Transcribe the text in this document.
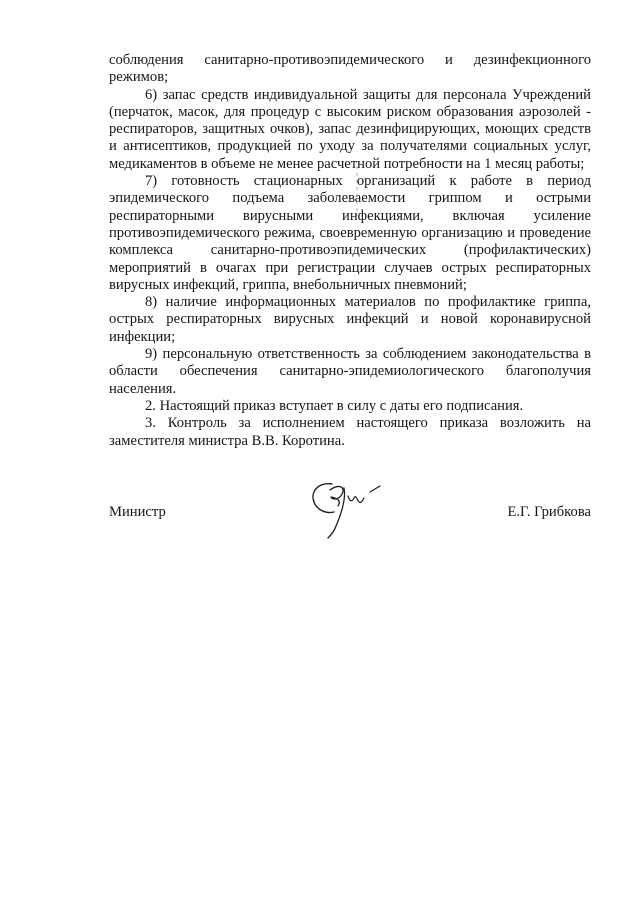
соблюдения санитарно-противоэпидемического и дезинфекционного режимов;

6) запас средств индивидуальной защиты для персонала Учреждений (перчаток, масок, для процедур с высоким риском образования аэрозолей - респираторов, защитных очков), запас дезинфицирующих, моющих средств и антисептиков, продукцией по уходу за получателями социальных услуг, медикаментов в объеме не менее расчетной потребности на 1 месяц работы;

7) готовность стационарных организаций к работе в период эпидемического подъема заболеваемости гриппом и острыми респираторными вирусными инфекциями, включая усиление противоэпидемического режима, своевременную организацию и проведение комплекса санитарно-противоэпидемических (профилактических) мероприятий в очагах при регистрации случаев острых респираторных вирусных инфекций, гриппа, внебольничных пневмоний;

8) наличие информационных материалов по профилактике гриппа, острых респираторных вирусных инфекций и новой коронавирусной инфекции;

9) персональную ответственность за соблюдением законодательства в области обеспечения санитарно-эпидемиологического благополучия населения.

2. Настоящий приказ вступает в силу с даты его подписания.

3. Контроль за исполнением настоящего приказа возложить на заместителя министра В.В. Коротина.

Министр	Е.Г. Грибкова
